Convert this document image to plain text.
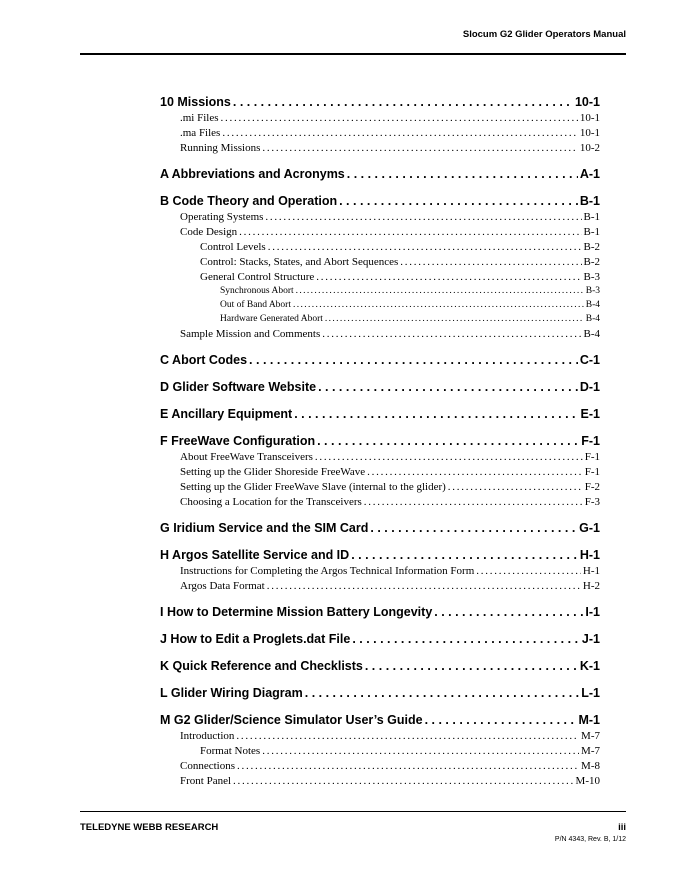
Slocum G2 Glider Operators Manual
10 Missions . . .	10-1
.mi Files . . .	10-1
.ma Files . . .	10-1
Running Missions . . .	10-2
A Abbreviations and Acronyms . . .	A-1
B Code Theory and Operation . . .	B-1
Operating Systems . . .	B-1
Code Design . . .	B-1
Control Levels . . .	B-2
Control: Stacks, States, and Abort Sequences . . .	B-2
General Control Structure . . .	B-3
Synchronous Abort . . .	B-3
Out of Band Abort . . .	B-4
Hardware Generated Abort . . .	B-4
Sample Mission and Comments . . .	B-4
C Abort Codes . . .	C-1
D Glider Software Website . . .	D-1
E Ancillary Equipment . . .	E-1
F FreeWave Configuration . . .	F-1
About FreeWave Transceivers . . .	F-1
Setting up the Glider Shoreside FreeWave . . .	F-1
Setting up the Glider FreeWave Slave (internal to the glider) . . .	F-2
Choosing a Location for the Transceivers . . .	F-3
G Iridium Service and the SIM Card . . .	G-1
H Argos Satellite Service and ID . . .	H-1
Instructions for Completing the Argos Technical Information Form . . .	H-1
Argos Data Format . . .	H-2
I How to Determine Mission Battery Longevity . . .	I-1
J How to Edit a Proglets.dat File . . .	J-1
K Quick Reference and Checklists . . .	K-1
L Glider Wiring Diagram . . .	L-1
M G2 Glider/Science Simulator User’s Guide . . .	M-1
Introduction . . .	M-7
Format Notes . . .	M-7
Connections . . .	M-8
Front Panel . . .	M-10
TELEDYNE WEBB RESEARCH	iii
P/N 4343, Rev. B, 1/12
